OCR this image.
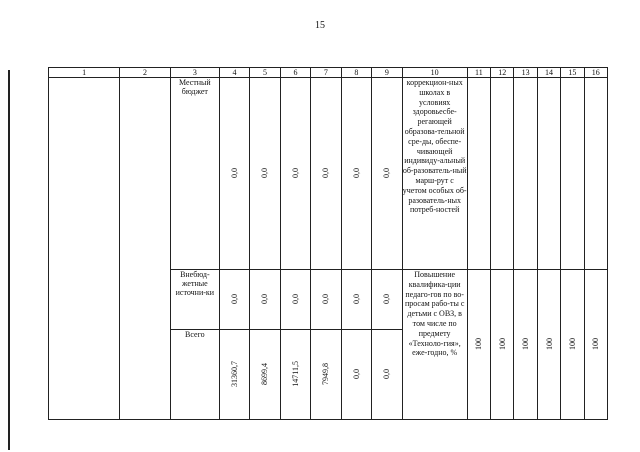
15
1	2	3	4	5	6	7	8	9	10	11	12	13	14	15	16
		Местный бюджет	0,0	0,0	0,0	0,0	0,0	0,0	коррекцион-ных школах в условиях здоровьесбе-регающей образова-тельной сре-ды, обеспе-чивающей индивиду-альный об-разователь-ный марш-рут с учетом особых об-разователь-ных потреб-ностей						
		Внебюд-жетные источни-ки	0,0	0,0	0,0	0,0	0,0	0,0	Повышение квалифика-ции педаго-гов по во-просам рабо-ты с детьми с ОВЗ, в том числе по предмету «Техноло-гия», еже-годно, %	100	100	100	100	100	100
		Всего	31360,7	8699,4	14711,5	7949,8	0,0	0,0							
